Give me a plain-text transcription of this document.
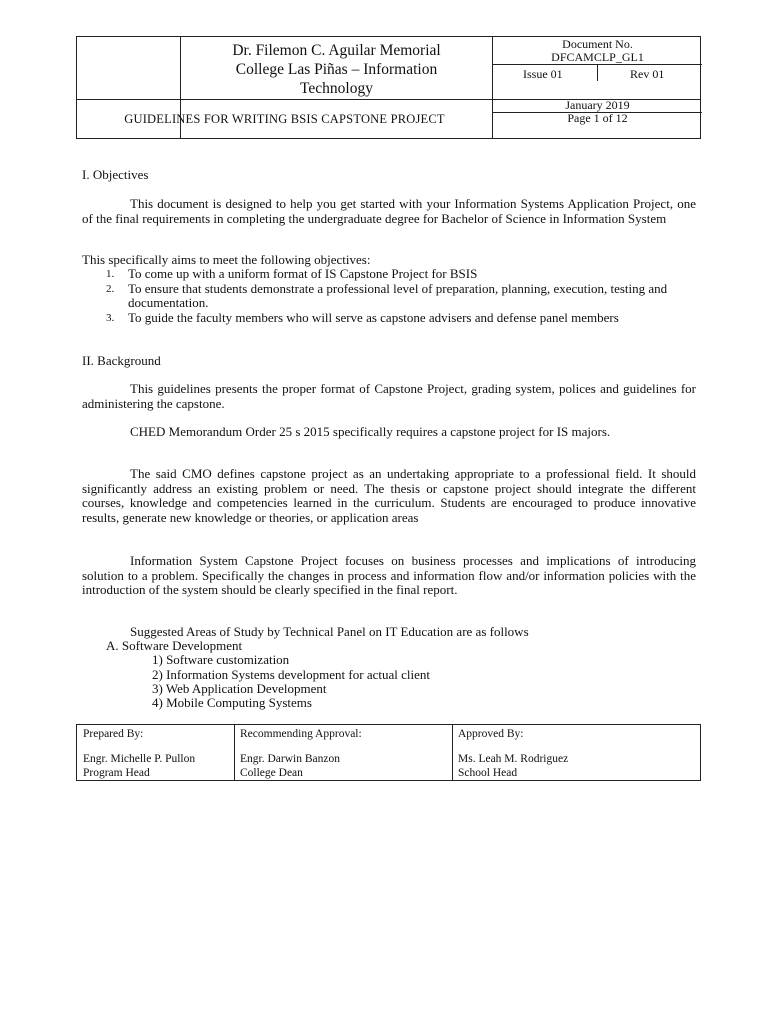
Dr. Filemon C. Aguilar Memorial
College Las Piñas – Information
Technology
Document No.
DFCAMCLP_GL1
Issue 01	Rev 01
GUIDELINES FOR WRITING BSIS CAPSTONE PROJECT
January 2019
Page 1 of 12
I. Objectives
This document is designed to help you get started with your Information Systems Application Project, one of the final requirements in completing the undergraduate degree for Bachelor of Science in Information System
This specifically aims to meet the following objectives:
1. To come up with a uniform format of IS Capstone Project for BSIS
2. To ensure that students demonstrate a professional level of preparation, planning, execution, testing and documentation.
3. To guide the faculty members who will serve as capstone advisers and defense panel members
II. Background
This guidelines presents the proper format of Capstone Project, grading system, polices and guidelines for administering the capstone.
CHED Memorandum Order 25 s 2015 specifically requires a capstone project for IS majors.
The said CMO defines capstone project as an undertaking appropriate to a professional field. It should significantly address an existing problem or need. The thesis or capstone project should integrate the different courses, knowledge and competencies learned in the curriculum. Students are encouraged to produce innovative results, generate new knowledge or theories, or application areas
Information System Capstone Project focuses on business processes and implications of introducing solution to a problem. Specifically the changes in process and information flow and/or information policies with the introduction of the system should be clearly specified in the final report.
Suggested Areas of Study by Technical Panel on IT Education are as follows
A. Software Development
1) Software customization
2) Information Systems development for actual client
3) Web Application Development
4) Mobile Computing Systems
Prepared By:
Engr. Michelle P. Pullon
Program Head
Recommending Approval:
Engr. Darwin Banzon
College Dean
Approved By:
Ms. Leah M. Rodriguez
School Head
